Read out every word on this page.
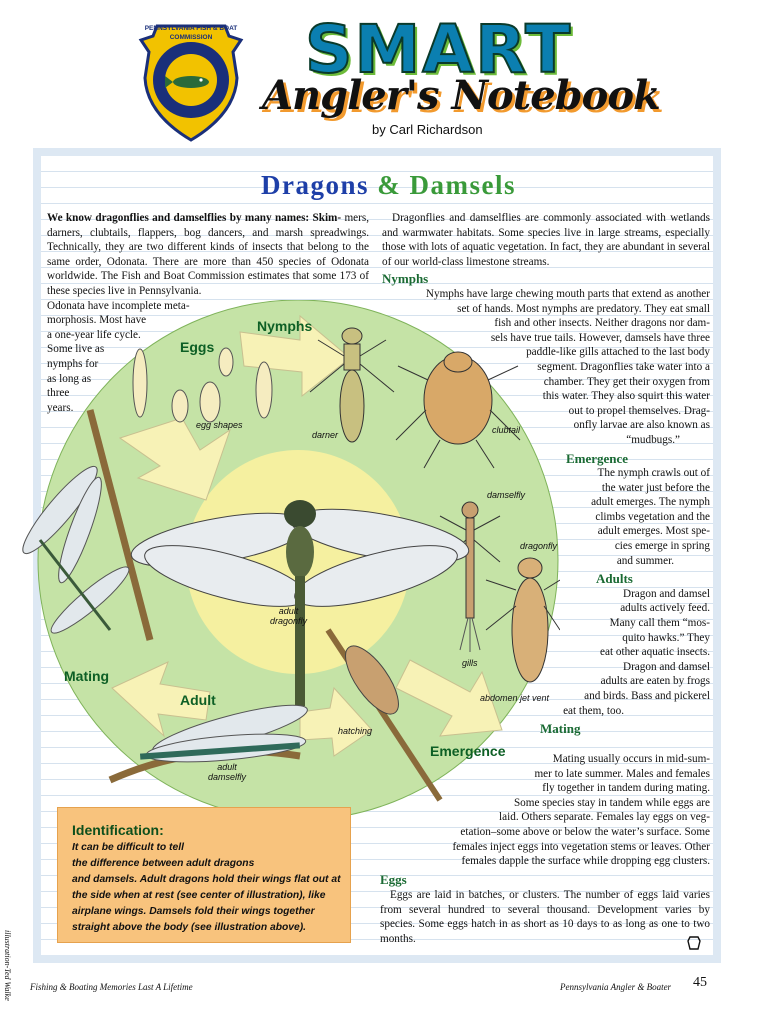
PENNSYLVANIA FISH & BOAT COMMISSION	SMART
Angler's Notebook
by Carl Richardson
Dragons & Damsels
Eggs
Nymphs
Emergence
Adult
Mating
egg shapes
darner	clubtail
damselfly
dragonfly
gills
abdomen jet vent
hatching
adult
dragonfly
adult
damselfly

We know dragonflies and damselflies by many names: Skim- mers, darners, clubtails, flappers, bog dancers, and marsh spreadwings. Technically, they are two different kinds of insects that belong to the same order, Odonata. There are more than 450 species of Odonata worldwide. The Fish and Boat Commission estimates that some 173 of these species live in Pennsylvania.

Odonata have incomplete meta-
morphosis. Most have
a one-year life cycle.
Some live as
nymphs for
as long as
three
years.

Dragonflies and damselflies are commonly associated with wetlands and warmwater habitats. Some species live in large streams, especially those with lots of aquatic vegetation. In fact, they are abundant in several of our world-class limestone streams.

Nymphs
Nymphs have large chewing mouth parts that extend as another
set of hands. Most nymphs are predatory. They eat small
fish and other insects. Neither dragons nor dam-
sels have true tails. However, damsels have three
paddle-like gills attached to the last body
segment. Dragonflies take water into a
chamber. They get their oxygen from
this water. They also squirt this water
out to propel themselves. Drag-
onfly larvae are also known as
“mudbugs.”
Emergence
The nymph crawls out of
the water just before the
adult emerges. The nymph
climbs vegetation and the
adult emerges. Most spe-
cies emerge in spring
and summer.
Adults
Dragon and damsel
adults actively feed.
Many call them “mos-
quito hawks.” They
eat other aquatic insects.
Dragon and damsel
adults are eaten by frogs
and birds. Bass and pickerel
eat them, too.
Mating
Mating usually occurs in mid-sum-
mer to late summer. Males and females
fly together in tandem during mating.
Some species stay in tandem while eggs are
laid. Others separate. Females lay eggs on veg-
etation–some above or below the water’s surface. Some
females inject eggs into vegetation stems or leaves. Other
females dapple the surface while dropping egg clusters.
Eggs

Eggs are laid in batches, or clusters. The number of eggs laid varies from several hundred to several thousand. Development varies by species. Some eggs hatch in as short as 10 days to as long as one to two months.

Identification:
It can be difficult to tell
the difference between adult dragons
and damsels. Adult dragons hold their wings flat out at
the side when at rest (see center of illustration), like
airplane wings. Damsels fold their wings together
straight above the body (see illustration above).
illustration-Ted Walke Fishing & Boating Memories Last A Lifetime	Pennsylvania Angler & Boater 45
